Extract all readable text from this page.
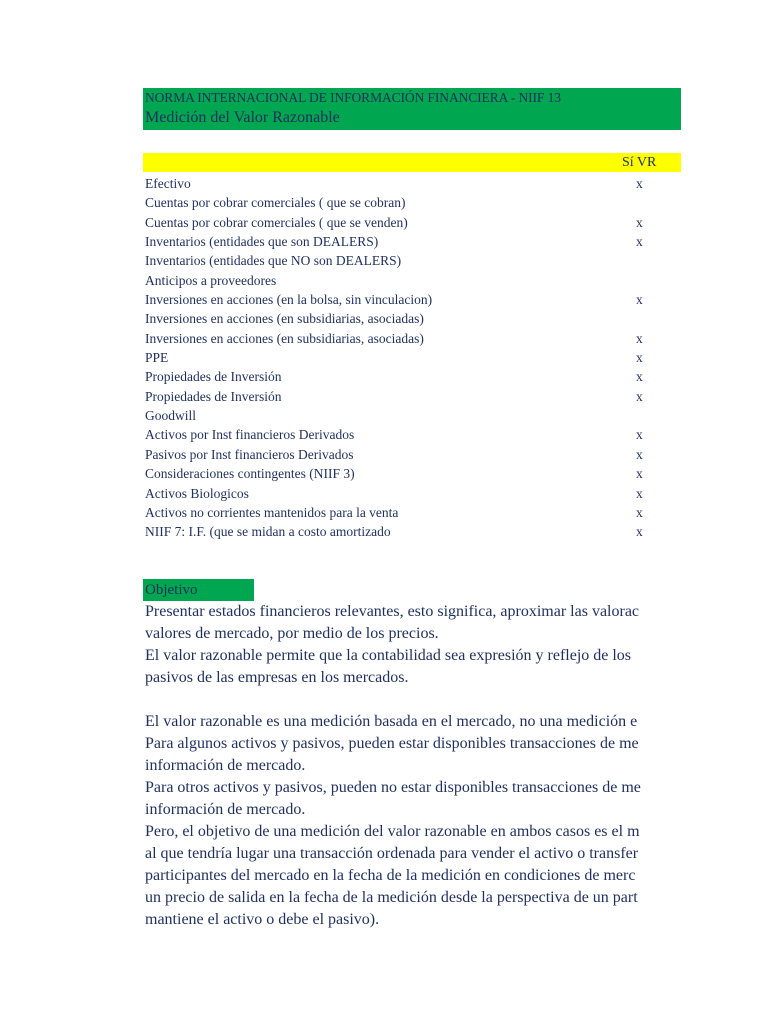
NORMA INTERNACIONAL DE INFORMACIÓN FINANCIERA - NIIF 13
Medición del Valor Razonable
Sí VR
Efectivo	x
Cuentas por cobrar comerciales ( que se cobran)
Cuentas por cobrar comerciales ( que se venden)	x
Inventarios (entidades que son DEALERS)	x
Inventarios (entidades que NO son DEALERS)
Anticipos a proveedores
Inversiones en acciones (en la bolsa, sin vinculacion)	x
Inversiones en acciones (en subsidiarias, asociadas)
Inversiones en acciones (en subsidiarias, asociadas)	x
PPE	x
Propiedades de Inversión	x
Propiedades de Inversión	x
Goodwill
Activos por Inst financieros Derivados	x
Pasivos por Inst financieros Derivados	x
Consideraciones contingentes (NIIF 3)	x
Activos Biologicos	x
Activos no corrientes mantenidos para la venta	x
NIIF 7: I.F. (que se midan a costo amortizado	x
Objetivo

Presentar estados financieros relevantes, esto significa, aproximar las valorac

valores de mercado, por medio de los precios.

El valor razonable permite que la contabilidad sea expresión y reflejo de los

pasivos de las empresas en los mercados.

El valor razonable es una medición basada en el mercado, no una medición e

Para algunos activos y pasivos, pueden estar disponibles transacciones de me

información de mercado.

Para otros activos y pasivos, pueden no estar disponibles transacciones de me

información de mercado.

Pero, el objetivo de una medición del valor razonable en ambos casos es el m

al que tendría lugar una transacción ordenada para vender el activo o transfer

participantes del mercado en la fecha de la medición en condiciones de merc

un precio de salida en la fecha de la medición desde la perspectiva de un part

mantiene el activo o debe el pasivo).
